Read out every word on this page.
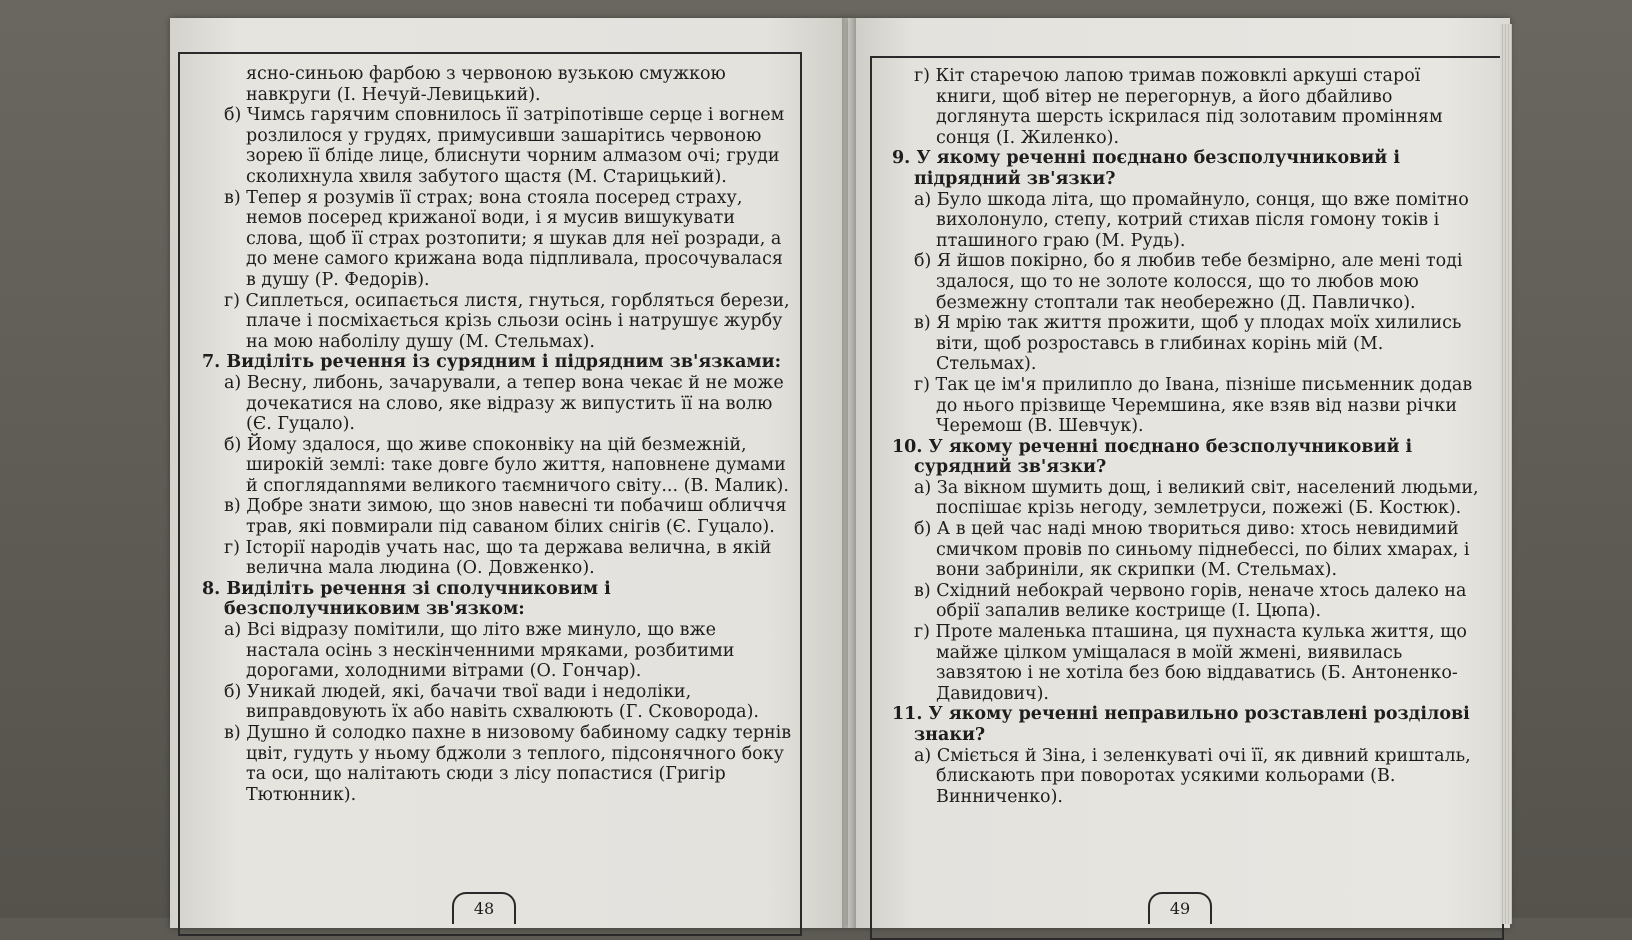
ясно-синьою фарбою з червоною вузькою смужкою навкруги (І. Нечуй-Левицький).

б) Чимсь гарячим сповнилось її затріпотівше серце і вогнем розлилося у грудях, примусивши зашарітись червоною зорею її бліде лице, блиснути чорним алмазом очі; груди сколихнула хвиля забутого щастя (М. Старицький).

в) Тепер я розумів її страх; вона стояла посеред страху, немов посеред крижаної води, і я мусив вишукувати слова, щоб її страх розтопити; я шукав для неї розради, а до мене самого крижана вода підпливала, просочувалася в душу (Р. Федорів).

г) Сиплеться, осипається листя, гнуться, горбляться берези, плаче і посміхається крізь сльози осінь і натрушує журбу на мою наболілу душу (М. Стельмах).

7. Виділіть речення із сурядним і підрядним зв'язками:

а) Весну, либонь, зачарували, а тепер вона чекає й не може дочекатися на слово, яке відразу ж випустить її на волю (Є. Гуцало).

б) Йому здалося, що живе споконвіку на цій безмежній, широкій землі: таке довге було життя, наповнене думами й споглядannями великого таємничого світу... (В. Малик).

в) Добре знати зимою, що знов навесні ти побачиш обличчя трав, які повмирали під саваном білих снігів (Є. Гуцало).

г) Історії народів учать нас, що та держава велична, в якій велична мала людина (О. Довженко).

8. Виділіть речення зі сполучниковим і безсполучниковим зв'язком:

а) Всі відразу помітили, що літо вже минуло, що вже настала осінь з нескінченними мряками, розбитими дорогами, холодними вітрами (О. Гончар).

б) Уникай людей, які, бачачи твої вади і недоліки, виправдовують їх або навіть схвалюють (Г. Сковорода).

в) Душно й солодко пахне в низовому бабиному садку тернів цвіт, гудуть у ньому бджоли з теплого, підсонячного боку та оси, що налітають сюди з лісу попастися (Григір Тютюнник).

48

г) Кіт старечою лапою тримав пожовклі аркуші старої книги, щоб вітер не перегорнув, а його дбайливо доглянута шерсть іскрилася під золотавим промінням сонця (І. Жиленко).

9. У якому реченні поєднано безсполучниковий і підрядний зв'язки?

а) Було шкода літа, що промайнуло, сонця, що вже помітно вихолонуло, степу, котрий стихав після гомону токів і пташиного граю (М. Рудь).

б) Я йшов покірно, бо я любив тебе безмірно, але мені тоді здалося, що то не золоте колосся, що то любов мою безмежну стоптали так необережно (Д. Павличко).

в) Я мрію так життя прожити, щоб у плодах моїх хилились віти, щоб розроставсь в глибинах корінь мій (М. Стельмах).

г) Так це ім'я прилипло до Івана, пізніше письменник додав до нього прізвище Черемшина, яке взяв від назви річки Черемош (В. Шевчук).

10. У якому реченні поєднано безсполучниковий і сурядний зв'язки?

а) За вікном шумить дощ, і великий світ, населений людьми, поспішає крізь негоду, землетруси, пожежі (Б. Костюк).

б) А в цей час наді мною твориться диво: хтось невидимий смичком провів по синьому піднебессі, по білих хмарах, і вони забриніли, як скрипки (М. Стельмах).

в) Східний небокрай червоно горів, неначе хтось далеко на обрії запалив велике кострище (І. Цюпа).

г) Проте маленька пташина, ця пухнаста кулька життя, що майже цілком уміщалася в моїй жмені, виявилась завзятою і не хотіла без бою віддаватись (Б. Антоненко-Давидович).

11. У якому реченні неправильно розставлені розділові знаки?

а) Сміється й Зіна, і зеленкуваті очі її, як дивний кришталь, блискають при поворотах усякими кольорами (В. Винниченко).

49
